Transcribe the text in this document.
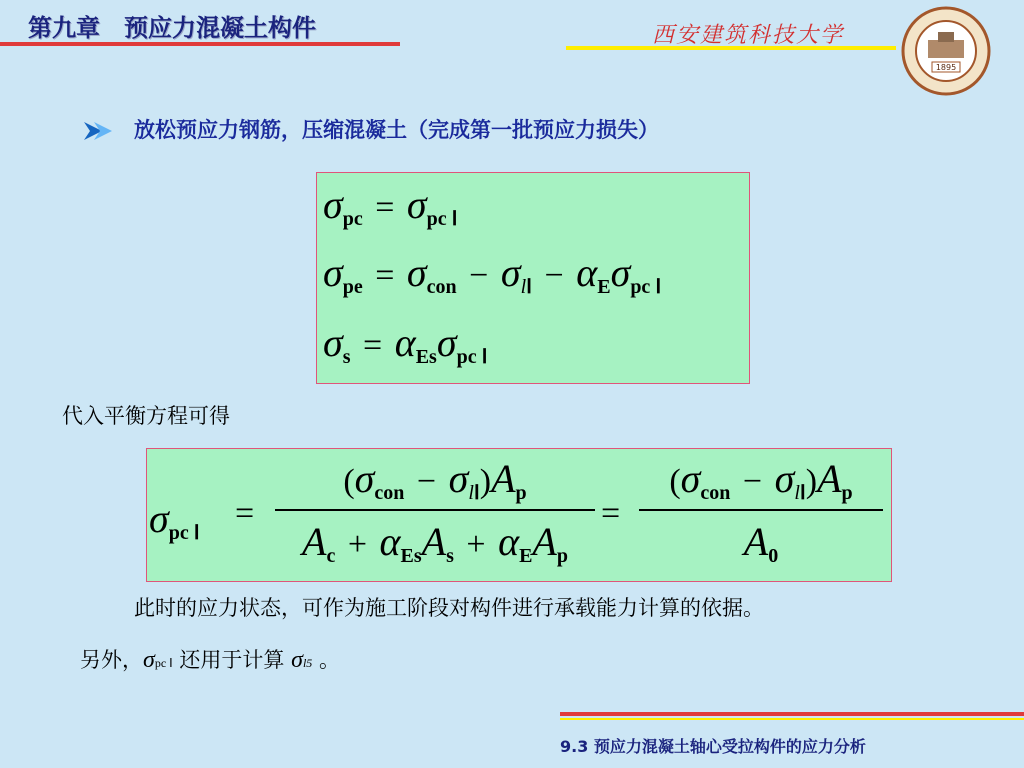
第九章　预应力混凝土构件	西安建筑科技大学
1895
放松预应力钢筋，压缩混凝土（完成第一批预应力损失）
$\sigma_{pc} = \sigma_{pc Ⅰ}$
$\sigma_{pe} = \sigma_{con} - \sigma_{lⅠ} - \alpha_E\sigma_{pc Ⅰ}$
$\sigma_s = \alpha_{Es}\sigma_{pc Ⅰ}$
代入平衡方程可得
$\sigma_{pc Ⅰ}$
=
$(\sigma_{con} - \sigma_{lⅠ})A_p$
$A_c + \alpha_{Es}A_s + \alpha_EA_p$
=
$(\sigma_{con} - \sigma_{lⅠ})A_p$
$A_0$
此时的应力状态，可作为施工阶段对构件进行承载能力计算的依据。
另外，σpc Ⅰ 还用于计算 σl5 。
9.3 预应力混凝土轴心受拉构件的应力分析
